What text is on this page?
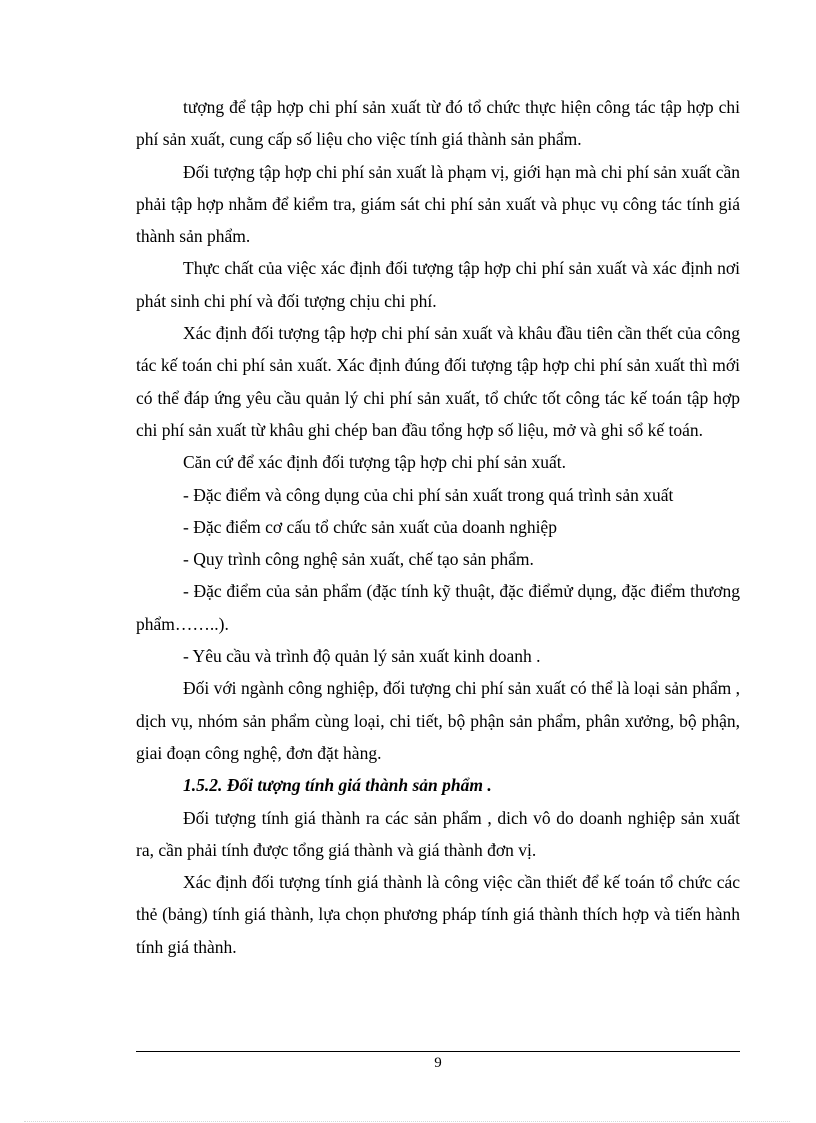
tượng để tập hợp chi phí sản xuất từ đó tổ chức thực hiện công tác tập hợp chi phí sản xuất, cung cấp số liệu cho việc tính giá thành sản phẩm.

Đối tượng tập hợp chi phí sản xuất là phạm vị, giới hạn mà chi phí sản xuất cần phải tập hợp nhằm để kiểm tra, giám sát chi phí sản xuất và phục vụ công tác tính giá thành sản phẩm.

Thực chất của việc xác định đối tượng tập hợp chi phí sản xuất và xác định nơi phát sinh chi phí và đối tượng chịu chi phí.

Xác định đối tượng tập hợp chi phí sản xuất và khâu đầu tiên cần thết của công tác kế toán chi phí sản xuất. Xác định đúng đối tượng tập hợp chi phí sản xuất thì mới có thể đáp ứng yêu cầu quản lý chi phí sản xuất, tổ chức tốt công tác kế toán tập hợp chi phí sản xuất từ khâu ghi chép ban đầu tổng hợp số liệu, mở và ghi sổ kế toán.

Căn cứ để xác định đối tượng tập hợp chi phí sản xuất.

- Đặc điểm và công dụng của chi phí sản xuất trong quá trình sản xuất

- Đặc điểm cơ cấu tổ chức sản xuất của doanh nghiệp

- Quy trình công nghệ sản xuất, chế tạo sản phẩm.

- Đặc điểm của sản phẩm (đặc tính kỹ thuật, đặc điểmử dụng, đặc điểm thương phẩm……..).

- Yêu cầu và trình độ quản lý sản xuất kinh doanh .

Đối với ngành công nghiệp, đối tượng chi phí sản xuất có thể là loại sản phẩm , dịch vụ, nhóm sản phẩm cùng loại, chi tiết, bộ phận sản phẩm, phân xưởng, bộ phận, giai đoạn công nghệ, đơn đặt hàng.

1.5.2. Đối tượng tính giá thành sản phẩm .

Đối tượng tính giá thành ra các sản phẩm , dich vô do doanh nghiệp sản xuất ra, cần phải tính được tổng giá thành và giá thành đơn vị.

Xác định đối tượng tính giá thành là công việc cần thiết để kế toán tổ chức các thẻ (bảng) tính giá thành, lựa chọn phương pháp tính giá thành thích hợp và tiến hành tính giá thành.

9
